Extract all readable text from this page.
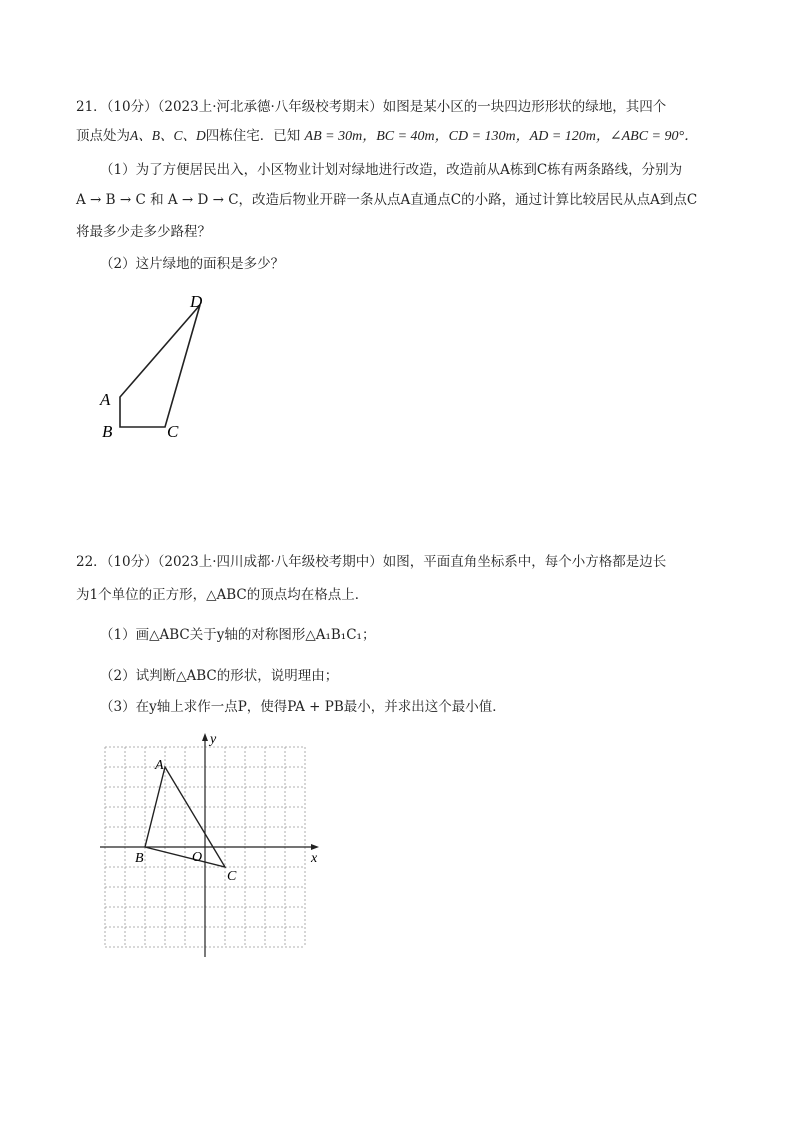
21．（10分）（2023上·河北承德·八年级校考期末）如图是某小区的一块四边形形状的绿地，其四个
顶点处为A、B、C、D四栋住宅．已知 AB = 30m，BC = 40m，CD = 130m，AD = 120m，∠ABC = 90°．
（1）为了方便居民出入，小区物业计划对绿地进行改造，改造前从A栋到C栋有两条路线，分别为
A → B → C 和 A → D → C，改造后物业开辟一条从点A直通点C的小路，通过计算比较居民从点A到点C
将最多少走多少路程？
（2）这片绿地的面积是多少？
D
A
B	C
22．（10分）（2023上·四川成都·八年级校考期中）如图，平面直角坐标系中，每个小方格都是边长
为1个单位的正方形，△ABC的顶点均在格点上．
（1）画△ABC关于y轴的对称图形△A₁B₁C₁；
（2）试判断△ABC的形状，说明理由；
（3）在y轴上求作一点P，使得PA + PB最小，并求出这个最小值．
y
x
A
B
C
O
